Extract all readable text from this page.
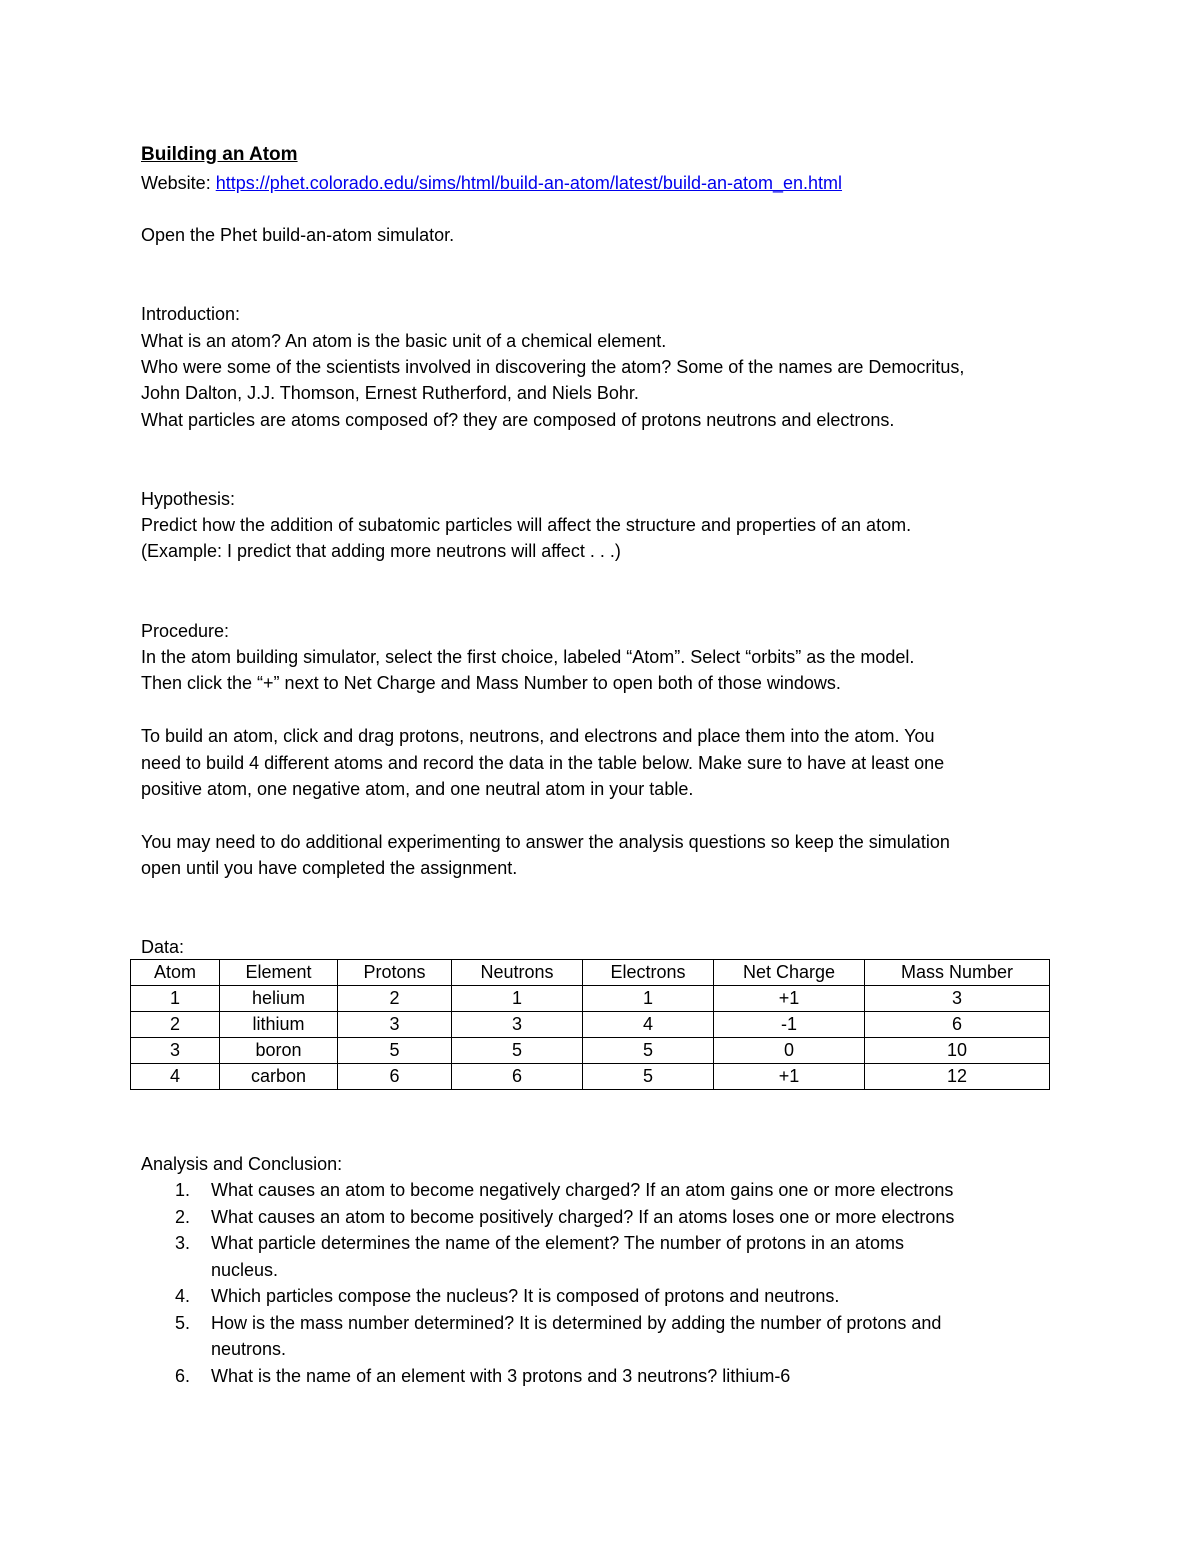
Building an Atom
Website: https://phet.colorado.edu/sims/html/build-an-atom/latest/build-an-atom_en.html
Open the Phet build-an-atom simulator.
Introduction:
What is an atom? An atom is the basic unit of a chemical element.
Who were some of the scientists involved in discovering the atom? Some of the names are Democritus,
John Dalton, J.J. Thomson, Ernest Rutherford, and Niels Bohr.
What particles are atoms composed of? they are composed of protons neutrons and electrons.
Hypothesis:
Predict how the addition of subatomic particles will affect the structure and properties of an atom.
(Example: I predict that adding more neutrons will affect . . .)
Procedure:
In the atom building simulator, select the first choice, labeled “Atom”. Select “orbits” as the model.
Then click the “+” next to Net Charge and Mass Number to open both of those windows.
To build an atom, click and drag protons, neutrons, and electrons and place them into the atom. You
need to build 4 different atoms and record the data in the table below. Make sure to have at least one
positive atom, one negative atom, and one neutral atom in your table.
You may need to do additional experimenting to answer the analysis questions so keep the simulation
open until you have completed the assignment.
Data:
Atom	Element	Protons	Neutrons	Electrons	Net Charge	Mass Number
1	helium	2	1	1	+1	3
2	lithium	3	3	4	-1	6
3	boron	5	5	5	0	10
4	carbon	6	6	5	+1	12
Analysis and Conclusion:
1. What causes an atom to become negatively charged? If an atom gains one or more electrons
2. What causes an atom to become positively charged? If an atoms loses one or more electrons
3. What particle determines the name of the element? The number of protons in an atoms
nucleus.
4. Which particles compose the nucleus? It is composed of protons and neutrons.
5. How is the mass number determined? It is determined by adding the number of protons and
neutrons.
6. What is the name of an element with 3 protons and 3 neutrons? lithium-6
